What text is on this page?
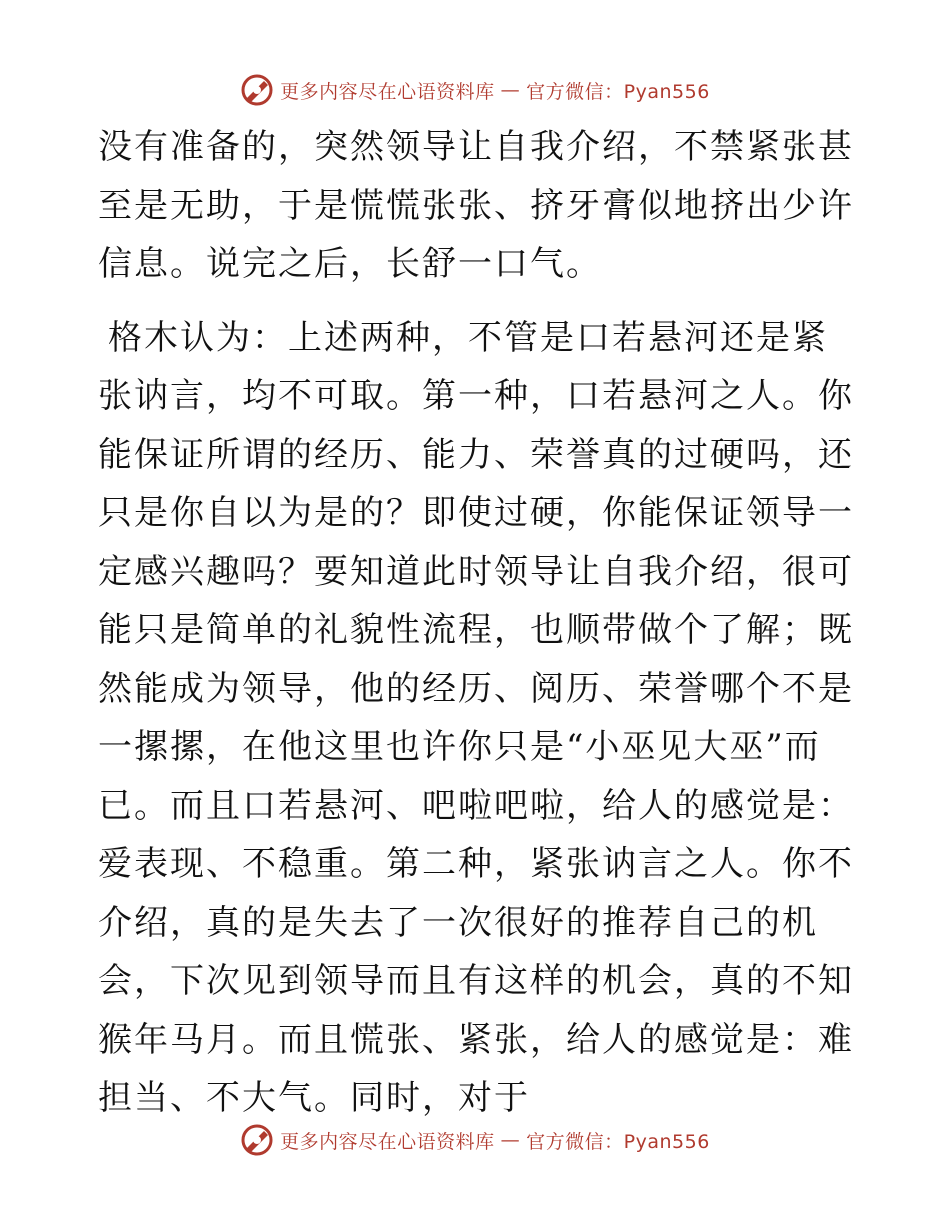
更多内容尽在心语资料库 — 官方微信：Pyan556

没有准备的，突然领导让自我介绍，不禁紧张甚至是无助，于是慌慌张张、挤牙膏似地挤出少许信息。说完之后，长舒一口气。

格木认为：上述两种，不管是口若悬河还是紧张讷言，均不可取。第一种，口若悬河之人。你能保证所谓的经历、能力、荣誉真的过硬吗，还只是你自以为是的？即使过硬，你能保证领导一定感兴趣吗？要知道此时领导让自我介绍，很可能只是简单的礼貌性流程，也顺带做个了解；既然能成为领导，他的经历、阅历、荣誉哪个不是一摞摞，在他这里也许你只是“小巫见大巫”而已。而且口若悬河、吧啦吧啦，给人的感觉是：爱表现、不稳重。第二种，紧张讷言之人。你不介绍，真的是失去了一次很好的推荐自己的机会，下次见到领导而且有这样的机会，真的不知猴年马月。而且慌张、紧张，给人的感觉是：难担当、不大气。同时，对于

更多内容尽在心语资料库 — 官方微信：Pyan556
